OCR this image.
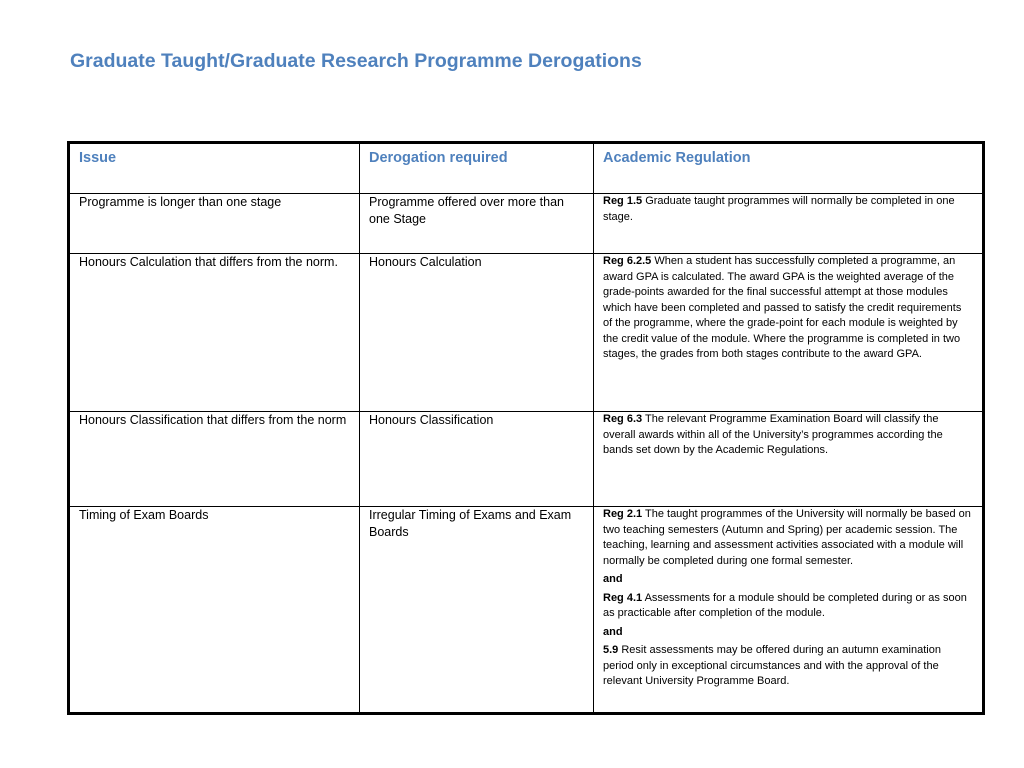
Graduate Taught/Graduate Research Programme Derogations
Issue	Derogation required	Academic Regulation
Programme is longer than one stage	Programme offered over more than one Stage	Reg 1.5 Graduate taught programmes will normally be completed in one stage.

Honours Calculation that differs from the norm.	Honours Calculation	Reg 6.2.5 When a student has successfully completed a programme, an award GPA is calculated. The award GPA is the weighted average of the grade-points awarded for the final successful attempt at those modules which have been completed and passed to satisfy the credit requirements of the programme, where the grade-point for each module is weighted by the credit value of the module. Where the programme is completed in two stages, the grades from both stages contribute to the award GPA.

Honours Classification that differs from the norm	Honours Classification	Reg 6.3 The relevant Programme Examination Board will classify the overall awards within all of the University’s programmes according the bands set down by the Academic Regulations.

Timing of Exam Boards	Irregular Timing of Exams and Exam Boards	Reg 2.1 The taught programmes of the University will normally be based on two teaching semesters (Autumn and Spring) per academic session. The teaching, learning and assessment activities associated with a module will normally be completed during one formal semester.

and

Reg 4.1 Assessments for a module should be completed during or as soon as practicable after completion of the module.

and

5.9 Resit assessments may be offered during an autumn examination period only in exceptional circumstances and with the approval of the relevant University Programme Board.
